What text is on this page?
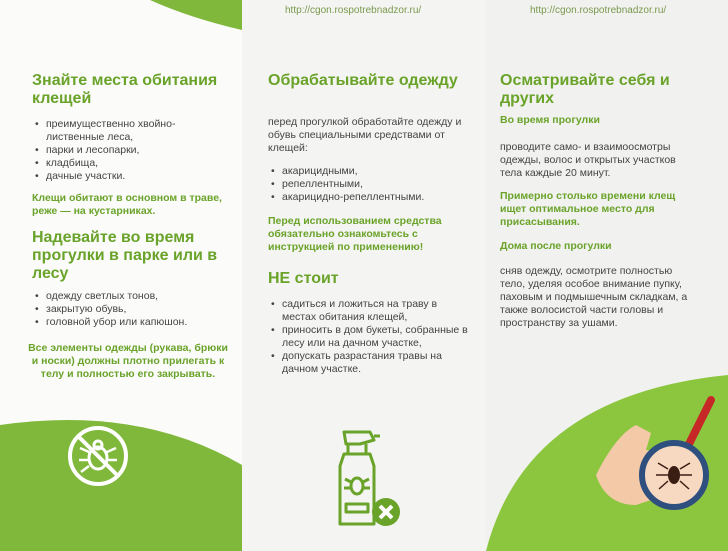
http://cgon.rospotrebnadzor.ru/	http://cgon.rospotrebnadzor.ru/
Знайте места обитания клещей
• преимущественно хвойно-лиственные леса,
• парки и лесопарки,
• кладбища,
• дачные участки.
Клещи обитают в основном в траве, реже — на кустарниках.
Надевайте во время прогулки в парке или в лесу
• одежду светлых тонов,
• закрытую обувь,
• головной убор или капюшон.
Все элементы одежды (рукава, брюки и носки) должны плотно прилегать к телу и полностью его закрывать.
Обрабатывайте одежду
перед прогулкой обработайте одежду и обувь специальными средствами от клещей:
• акарицидными,
• репеллентными,
• акарицидно-репеллентными.
Перед использованием средства обязательно ознакомьтесь с инструкцией по применению!
НЕ стоит
• садиться и ложиться на траву в местах обитания клещей,
• приносить в дом букеты, собранные в лесу или на дачном участке,
• допускать разрастания травы на дачном участке.
Осматривайте себя и других
Во время прогулки
проводите само- и взаимоосмотры одежды, волос и открытых участков тела каждые 20 минут.
Примерно столько времени клещ ищет оптимальное место для присасывания.
Дома после прогулки
сняв одежду, осмотрите полностью тело, уделяя особое внимание пупку, паховым и подмышечным складкам, а также волосистой части головы и пространству за ушами.
